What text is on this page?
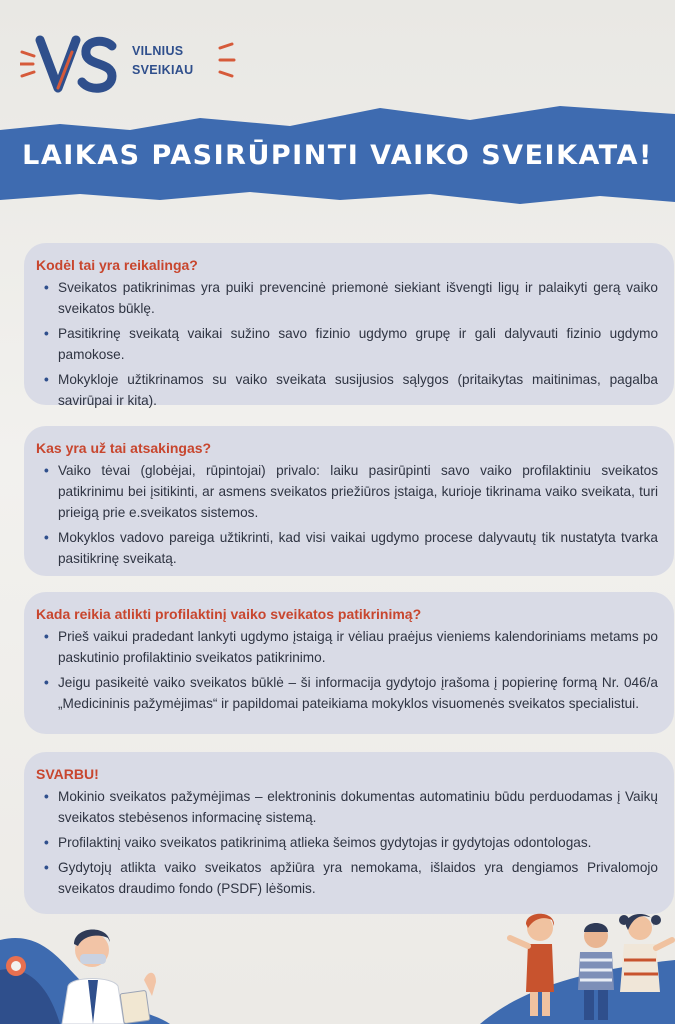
VILNIUS
SVEIKIAU
LAIKAS PASIRŪPINTI VAIKO SVEIKATA!
Kodėl tai yra reikalinga?
• Sveikatos patikrinimas yra puiki prevencinė priemonė siekiant išvengti ligų ir palaikyti gerą vaiko sveikatos būklę.
• Pasitikrinę sveikatą vaikai sužino savo fizinio ugdymo grupę ir gali dalyvauti fizinio ugdymo pamokose.
• Mokykloje užtikrinamos su vaiko sveikata susijusios sąlygos (pritaikytas maitinimas, pagalba savirūpai ir kita).
Kas yra už tai atsakingas?
• Vaiko tėvai (globėjai, rūpintojai) privalo: laiku pasirūpinti savo vaiko profilaktiniu sveikatos patikrinimu bei įsitikinti, ar asmens sveikatos priežiūros įstaiga, kurioje tikrinama vaiko sveikata, turi prieigą prie e.sveikatos sistemos.
• Mokyklos vadovo pareiga užtikrinti, kad visi vaikai ugdymo procese dalyvautų tik nustatyta tvarka pasitikrinę sveikatą.
Kada reikia atlikti profilaktinį vaiko sveikatos patikrinimą?
• Prieš vaikui pradedant lankyti ugdymo įstaigą ir vėliau praėjus vieniems kalendoriniams metams po paskutinio profilaktinio sveikatos patikrinimo.
• Jeigu pasikeitė vaiko sveikatos būklė – ši informacija gydytojo įrašoma į popierinę formą Nr. 046/a „Medicininis pažymėjimas“ ir papildomai pateikiama mokyklos visuomenės sveikatos specialistui.
SVARBU!
• Mokinio sveikatos pažymėjimas – elektroninis dokumentas automatiniu būdu perduodamas į Vaikų sveikatos stebėsenos informacinę sistemą.
• Profilaktinį vaiko sveikatos patikrinimą atlieka šeimos gydytojas ir gydytojas odontologas.
• Gydytojų atlikta vaiko sveikatos apžiūra yra nemokama, išlaidos yra dengiamos Privalomojo sveikatos draudimo fondo (PSDF) lėšomis.
